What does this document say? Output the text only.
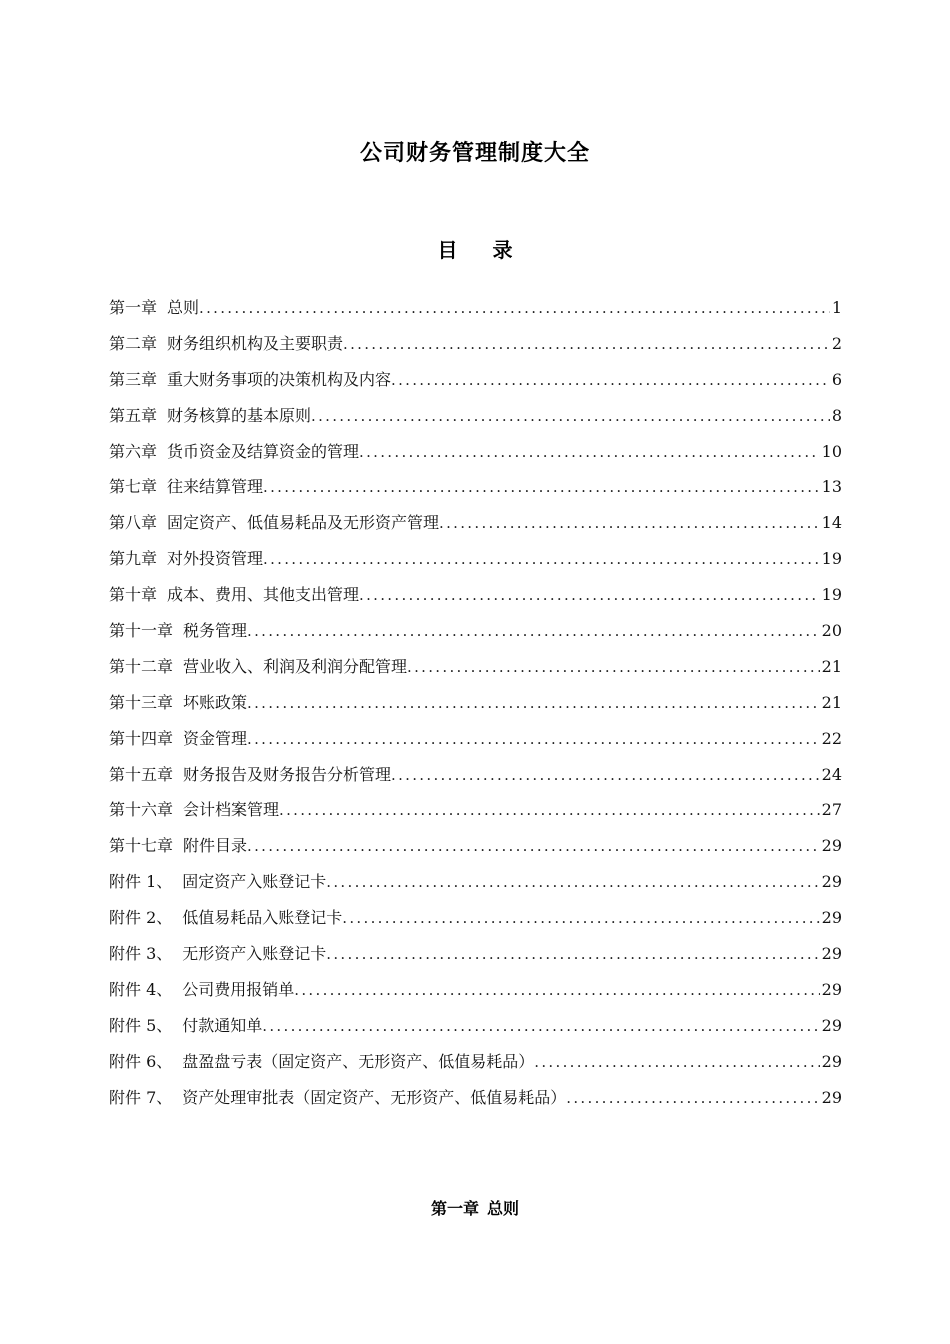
公司财务管理制度大全
目 录
第一章 总则 .....	1
第二章 财务组织机构及主要职责 .....	2
第三章 重大财务事项的决策机构及内容 .....	6
第五章 财务核算的基本原则 .....	8
第六章 货币资金及结算资金的管理 .....	10
第七章 往来结算管理 .....	13
第八章 固定资产、低值易耗品及无形资产管理 .....	14
第九章 对外投资管理 .....	19
第十章 成本、费用、其他支出管理 .....	19
第十一章 税务管理 .....	20
第十二章 营业收入、利润及利润分配管理 .....	21
第十三章 坏账政策 .....	21
第十四章 资金管理 .....	22
第十五章 财务报告及财务报告分析管理 .....	24
第十六章 会计档案管理 .....	27
第十七章 附件目录 .....	29
附件 1、 固定资产入账登记卡 .....	29
附件 2、 低值易耗品入账登记卡 .....	29
附件 3、 无形资产入账登记卡 .....	29
附件 4、 公司费用报销单 .....	29
附件 5、 付款通知单 .....	29
附件 6、 盘盈盘亏表（固定资产、无形资产、低值易耗品） .....	29
附件 7、 资产处理审批表（固定资产、无形资产、低值易耗品） .....	29
第一章 总则
